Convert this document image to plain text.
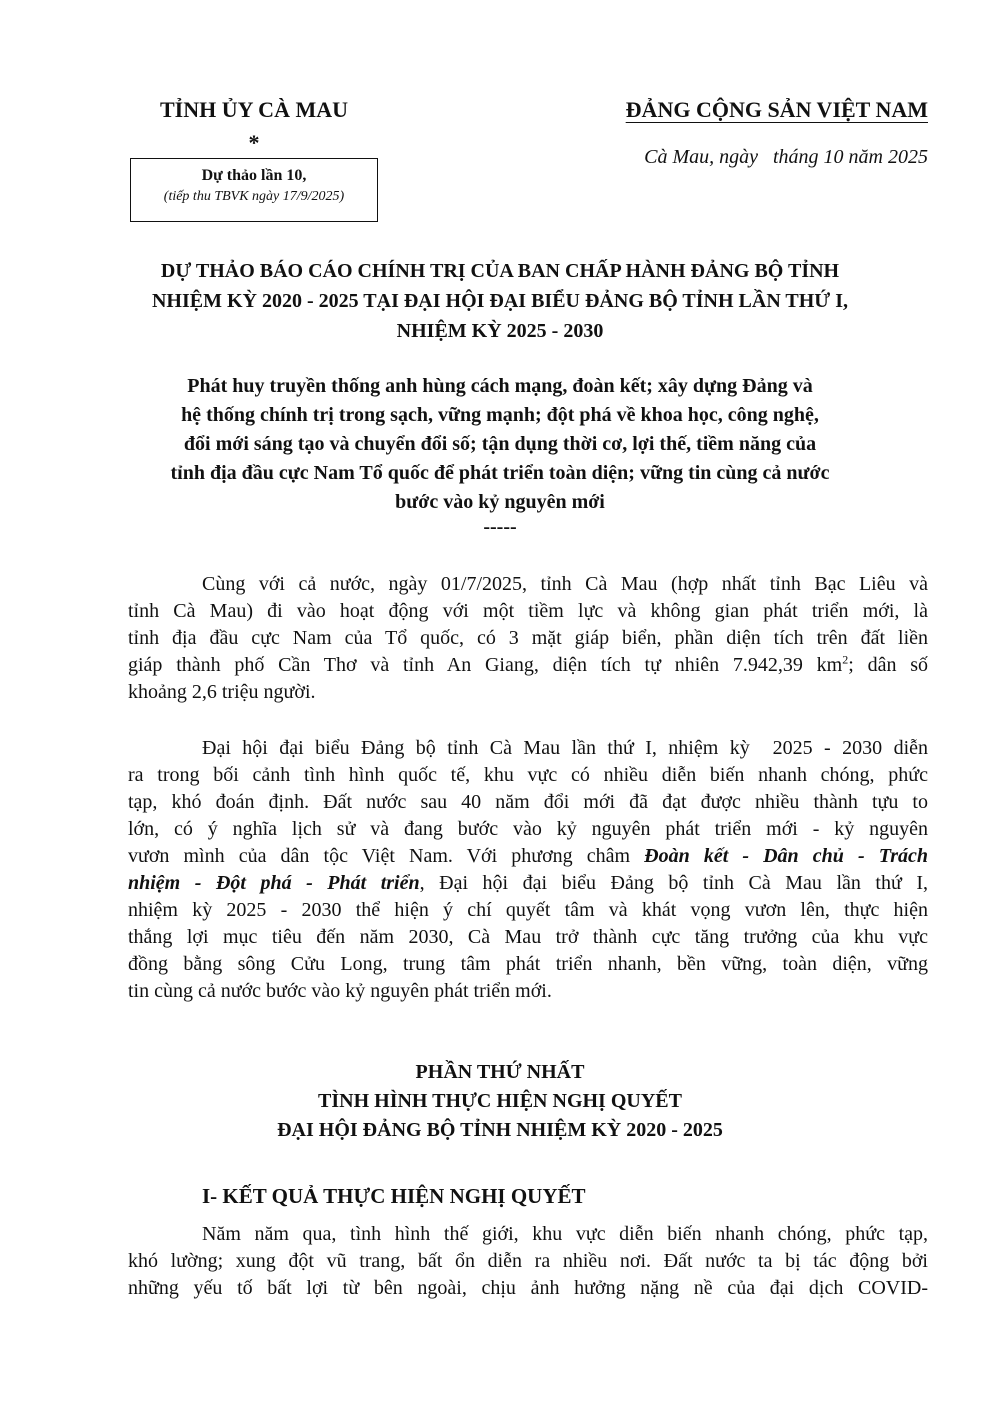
TỈNH ỦY CÀ MAU
*
Dự thảo lần 10,
(tiếp thu TBVK ngày 17/9/2025)
ĐẢNG CỘNG SẢN VIỆT NAM
Cà Mau, ngày   tháng 10 năm 2025
DỰ THẢO BÁO CÁO CHÍNH TRỊ CỦA BAN CHẤP HÀNH ĐẢNG BỘ TỈNH
NHIỆM KỲ 2020 - 2025 TẠI ĐẠI HỘI ĐẠI BIỂU ĐẢNG BỘ TỈNH LẦN THỨ I,
NHIỆM KỲ 2025 - 2030
Phát huy truyền thống anh hùng cách mạng, đoàn kết; xây dựng Đảng và
hệ thống chính trị trong sạch, vững mạnh; đột phá về khoa học, công nghệ,
đổi mới sáng tạo và chuyển đổi số; tận dụng thời cơ, lợi thế, tiềm năng của
tỉnh địa đầu cực Nam Tổ quốc để phát triển toàn diện; vững tin cùng cả nước
bước vào kỷ nguyên mới
-----
Cùng với cả nước, ngày 01/7/2025, tỉnh Cà Mau (hợp nhất tỉnh Bạc Liêu và
tỉnh Cà Mau) đi vào hoạt động với một tiềm lực và không gian phát triển mới, là
tỉnh địa đầu cực Nam của Tổ quốc, có 3 mặt giáp biển, phần diện tích trên đất liền
giáp thành phố Cần Thơ và tỉnh An Giang, diện tích tự nhiên 7.942,39 $km^2$; dân số
khoảng 2,6 triệu người.
Đại hội đại biểu Đảng bộ tỉnh Cà Mau lần thứ I, nhiệm kỳ  2025 - 2030 diễn
ra trong bối cảnh tình hình quốc tế, khu vực có nhiều diễn biến nhanh chóng, phức
tạp, khó đoán định. Đất nước sau 40 năm đổi mới đã đạt được nhiều thành tựu to
lớn, có ý nghĩa lịch sử và đang bước vào kỷ nguyên phát triển mới - kỷ nguyên
vươn mình của dân tộc Việt Nam. Với phương châm Đoàn kết - Dân chủ - Trách
nhiệm - Đột phá - Phát triển, Đại hội đại biểu Đảng bộ tỉnh Cà Mau lần thứ I,
nhiệm kỳ 2025 - 2030 thể hiện ý chí quyết tâm và khát vọng vươn lên, thực hiện
thắng lợi mục tiêu đến năm 2030, Cà Mau trở thành cực tăng trưởng của khu vực
đồng bằng sông Cửu Long, trung tâm phát triển nhanh, bền vững, toàn diện, vững
tin cùng cả nước bước vào kỷ nguyên phát triển mới.
PHẦN THỨ NHẤT
TÌNH HÌNH THỰC HIỆN NGHỊ QUYẾT
ĐẠI HỘI ĐẢNG BỘ TỈNH NHIỆM KỲ 2020 - 2025
I- KẾT QUẢ THỰC HIỆN NGHỊ QUYẾT
Năm năm qua, tình hình thế giới, khu vực diễn biến nhanh chóng, phức tạp,
khó lường; xung đột vũ trang, bất ổn diễn ra nhiều nơi. Đất nước ta bị tác động bởi
những yếu tố bất lợi từ bên ngoài, chịu ảnh hưởng nặng nề của đại dịch COVID-
